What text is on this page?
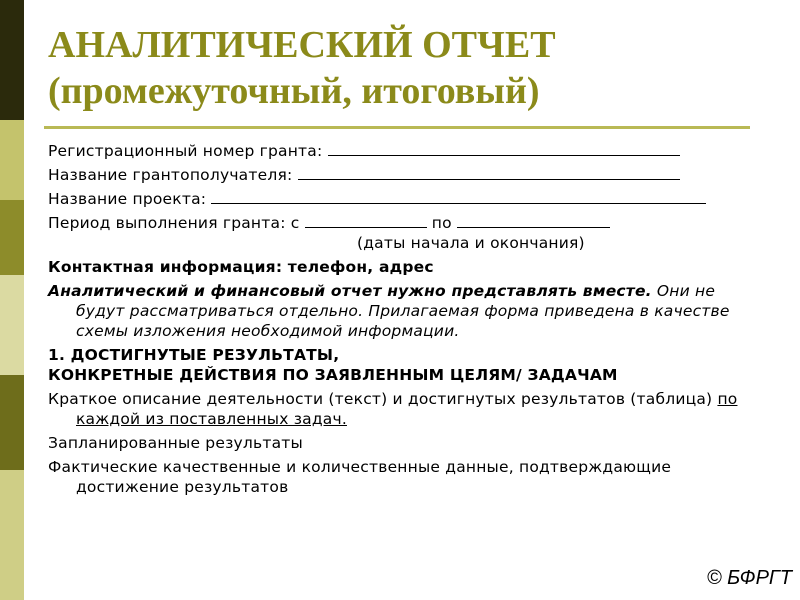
АНАЛИТИЧЕСКИЙ ОТЧЕТ
(промежуточный, итоговый)
Регистрационный номер гранта:
Название грантополучателя:
Название проекта:
Период выполнения гранта: с	по
(даты начала и окончания)
Контактная информация: телефон, адрес
Аналитический и финансовый отчет нужно представлять вместе. Они не будут рассматриваться отдельно. Прилагаемая форма приведена в качестве схемы изложения необходимой информации.
1. ДОСТИГНУТЫЕ РЕЗУЛЬТАТЫ,
КОНКРЕТНЫЕ ДЕЙСТВИЯ ПО ЗАЯВЛЕННЫМ ЦЕЛЯМ/ ЗАДАЧАМ
Краткое описание деятельности (текст) и достигнутых результатов (таблица) по каждой из поставленных задач.
Запланированные результаты
Фактические качественные и количественные данные, подтверждающие достижение результатов
© БФРГТ
